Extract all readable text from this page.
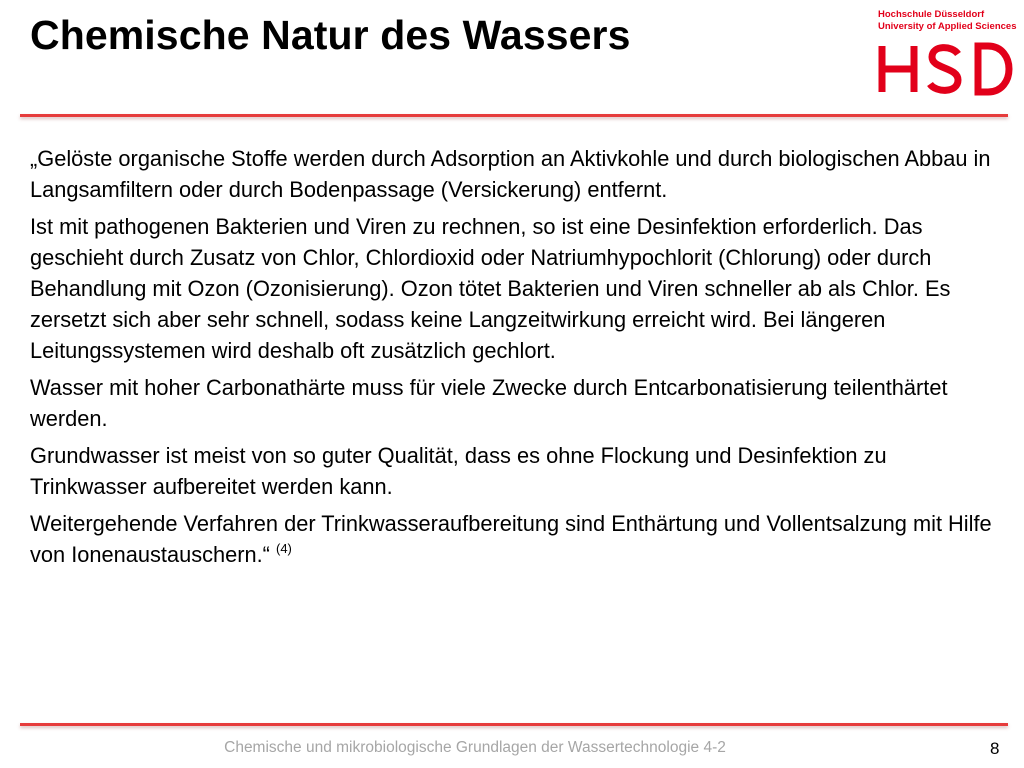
Chemische Natur des Wassers	Hochschule Düsseldorf
University of Applied Sciences

„Gelöste organische Stoffe werden durch Adsorption an Aktivkohle und durch biologischen Abbau in Langsamfiltern oder durch Bodenpassage (Versickerung) entfernt.

Ist mit pathogenen Bakterien und Viren zu rechnen, so ist eine Desinfektion erforderlich. Das geschieht durch Zusatz von Chlor, Chlordioxid oder Natriumhypochlorit (Chlorung) oder durch Behandlung mit Ozon (Ozonisierung). Ozon tötet Bakterien und Viren schneller ab als Chlor. Es zersetzt sich aber sehr schnell, sodass keine Langzeitwirkung erreicht wird. Bei längeren Leitungssystemen wird deshalb oft zusätzlich gechlort.

Wasser mit hoher Carbonathärte muss für viele Zwecke durch Entcarbonatisierung teilenthärtet werden.

Grundwasser ist meist von so guter Qualität, dass es ohne Flockung und Desinfektion zu Trinkwasser aufbereitet werden kann.

Weitergehende Verfahren der Trinkwasseraufbereitung sind Enthärtung und Vollentsalzung mit Hilfe von Ionenaustauschern.“ $^{(4)}$

Chemische und mikrobiologische Grundlagen der Wassertechnologie 4-2	8
